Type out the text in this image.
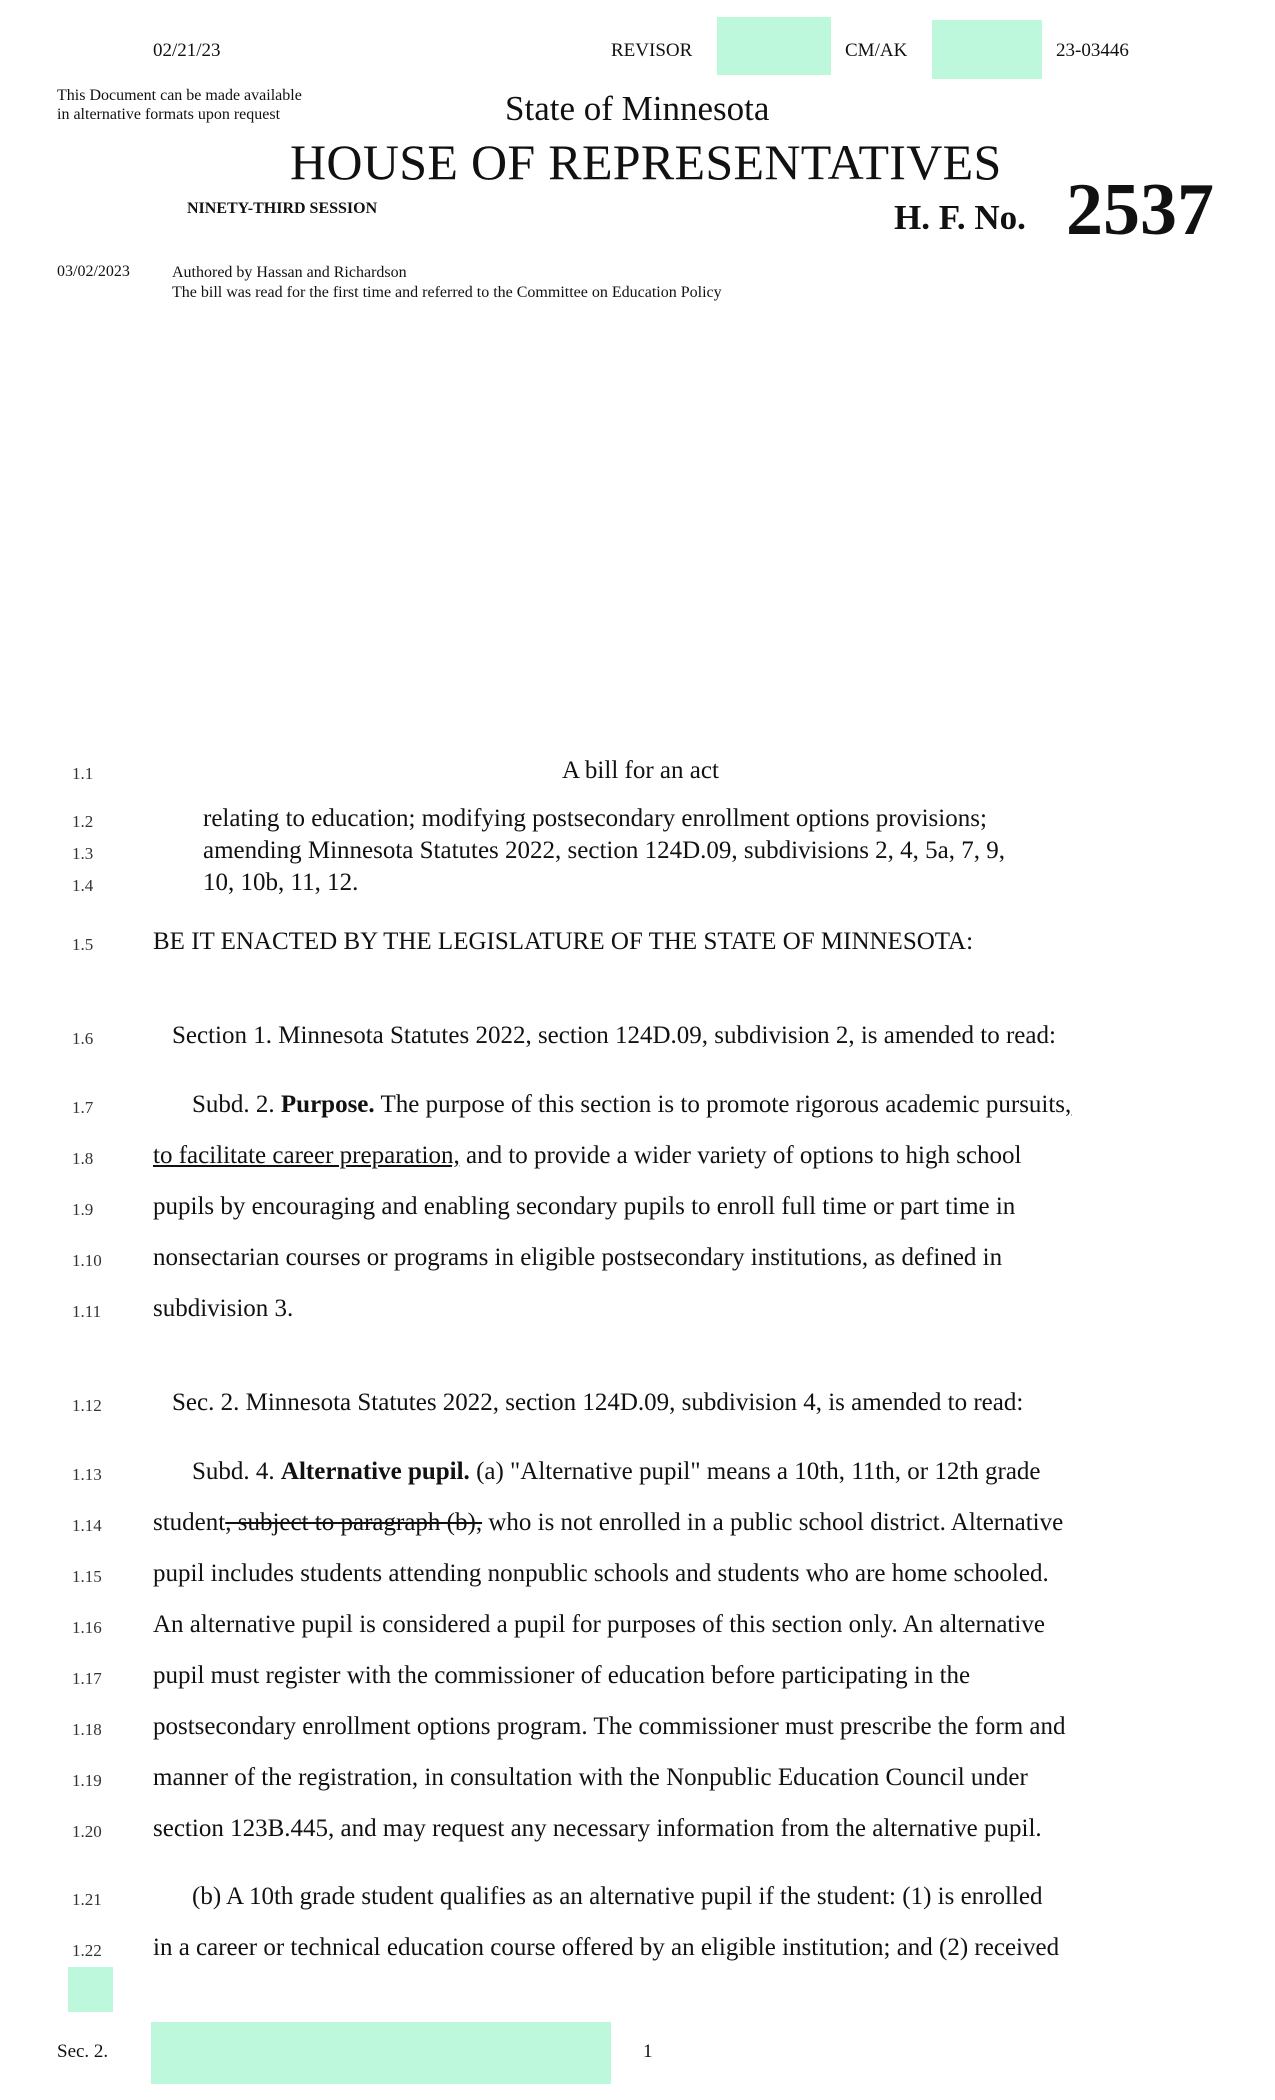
02/21/23	REVISOR	CM/AK	23-03446
This Document can be made available
in alternative formats upon request	State of Minnesota
HOUSE OF REPRESENTATIVES
NINETY-THIRD SESSION	H. F. No. 2537
03/02/2023	Authored by Hassan and Richardson
The bill was read for the first time and referred to the Committee on Education Policy
1.1	A bill for an act
1.2	relating to education; modifying postsecondary enrollment options provisions;
1.3	amending Minnesota Statutes 2022, section 124D.09, subdivisions 2, 4, 5a, 7, 9,
1.4	10, 10b, 11, 12.
1.5	BE IT ENACTED BY THE LEGISLATURE OF THE STATE OF MINNESOTA:
1.6	Section 1. Minnesota Statutes 2022, section 124D.09, subdivision 2, is amended to read:
1.7	Subd. 2. Purpose. The purpose of this section is to promote rigorous academic pursuits,
1.8	to facilitate career preparation, and to provide a wider variety of options to high school
1.9	pupils by encouraging and enabling secondary pupils to enroll full time or part time in
1.10	nonsectarian courses or programs in eligible postsecondary institutions, as defined in
1.11	subdivision 3.
1.12	Sec. 2. Minnesota Statutes 2022, section 124D.09, subdivision 4, is amended to read:
1.13	Subd. 4. Alternative pupil. (a) "Alternative pupil" means a 10th, 11th, or 12th grade
1.14	student, subject to paragraph (b), who is not enrolled in a public school district. Alternative
1.15	pupil includes students attending nonpublic schools and students who are home schooled.
1.16	An alternative pupil is considered a pupil for purposes of this section only. An alternative
1.17	pupil must register with the commissioner of education before participating in the
1.18	postsecondary enrollment options program. The commissioner must prescribe the form and
1.19	manner of the registration, in consultation with the Nonpublic Education Council under
1.20	section 123B.445, and may request any necessary information from the alternative pupil.
1.21	(b) A 10th grade student qualifies as an alternative pupil if the student: (1) is enrolled
1.22	in a career or technical education course offered by an eligible institution; and (2) received
Sec. 2.	1
